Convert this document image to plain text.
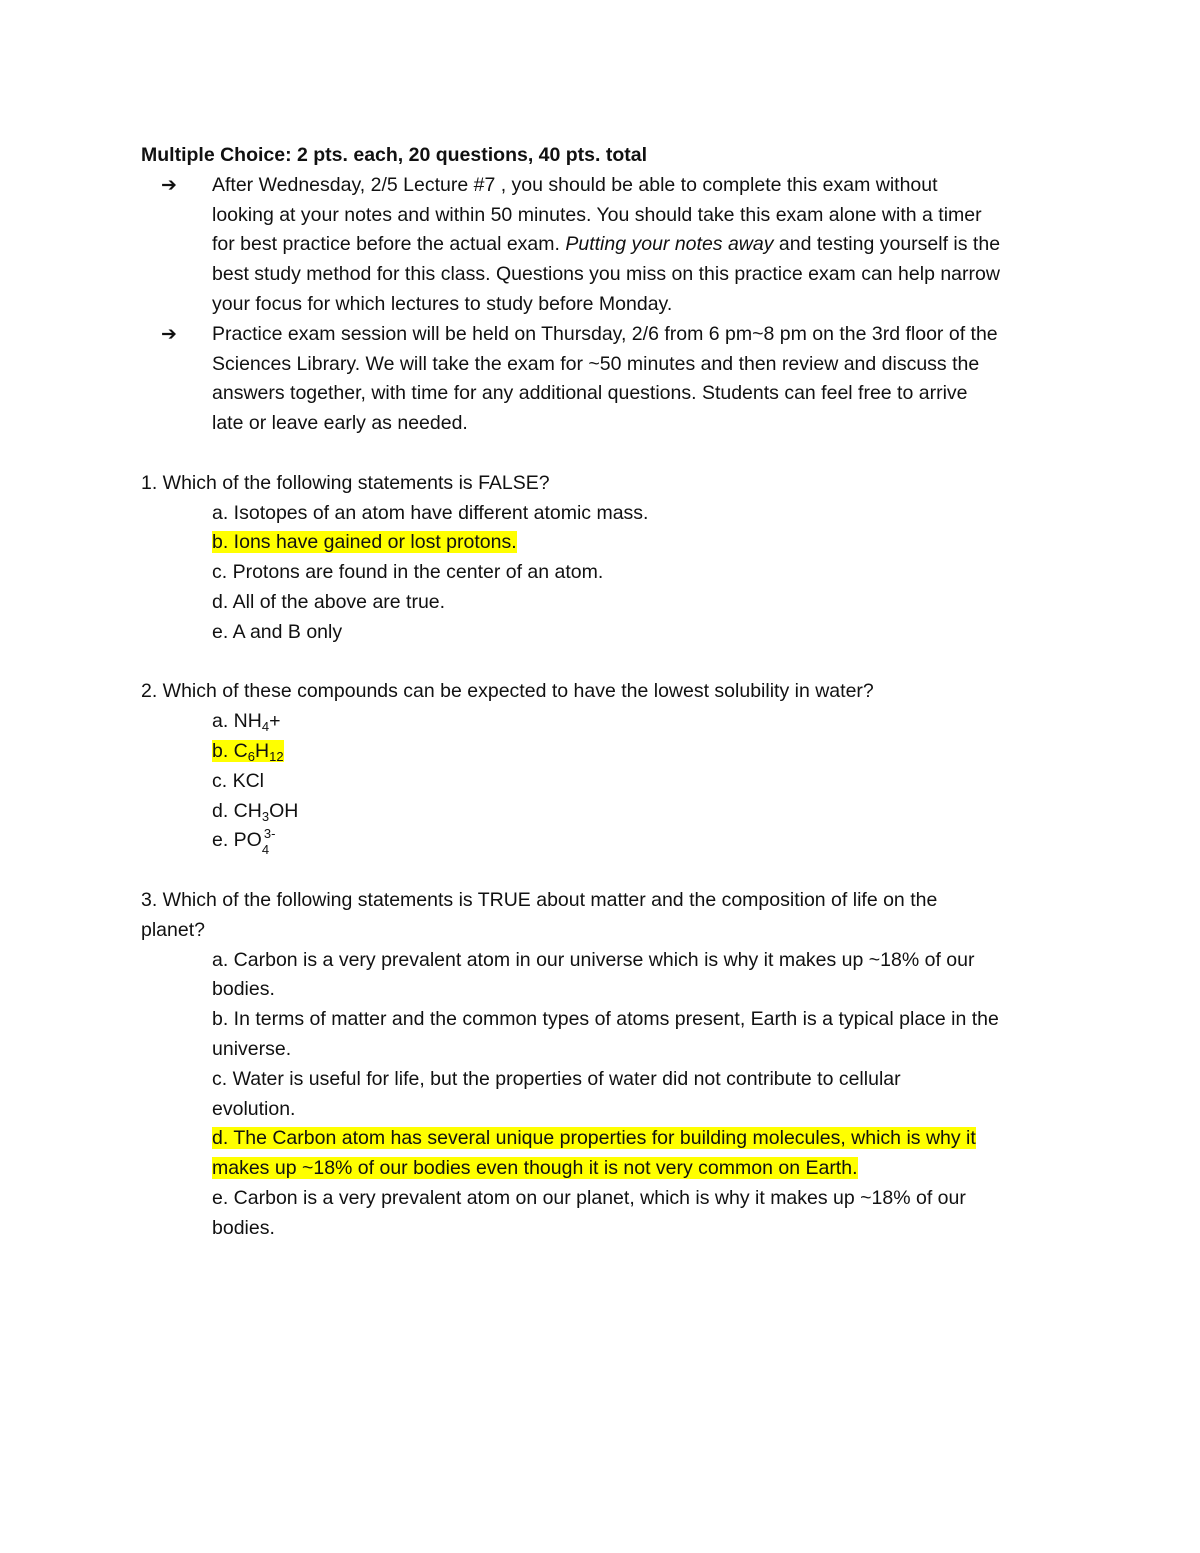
Multiple Choice: 2 pts. each, 20 questions, 40 pts. total
➔ After Wednesday, 2/5 Lecture #7 , you should be able to complete this exam without
looking at your notes and within 50 minutes. You should take this exam alone with a timer
for best practice before the actual exam. Putting your notes away and testing yourself is the
best study method for this class. Questions you miss on this practice exam can help narrow
your focus for which lectures to study before Monday.
➔ Practice exam session will be held on Thursday, 2/6 from 6 pm~8 pm on the 3rd floor of the
Sciences Library. We will take the exam for ~50 minutes and then review and discuss the
answers together, with time for any additional questions. Students can feel free to arrive
late or leave early as needed.
1. Which of the following statements is FALSE?
a. Isotopes of an atom have different atomic mass.
b. Ions have gained or lost protons.
c. Protons are found in the center of an atom.
d. All of the above are true.
e. A and B only
2. Which of these compounds can be expected to have the lowest solubility in water?
a. $NH_4+$
b. $C_6H_{12}$
c. KCl
d. $CH_3OH$
e. PO 4
3-
3. Which of the following statements is TRUE about matter and the composition of life on the
planet?
a. Carbon is a very prevalent atom in our universe which is why it makes up ~18% of our
bodies.
b. In terms of matter and the common types of atoms present, Earth is a typical place in the
universe.
c. Water is useful for life, but the properties of water did not contribute to cellular
evolution.
d. The Carbon atom has several unique properties for building molecules, which is why it
makes up ~18% of our bodies even though it is not very common on Earth.
e. Carbon is a very prevalent atom on our planet, which is why it makes up ~18% of our
bodies.
